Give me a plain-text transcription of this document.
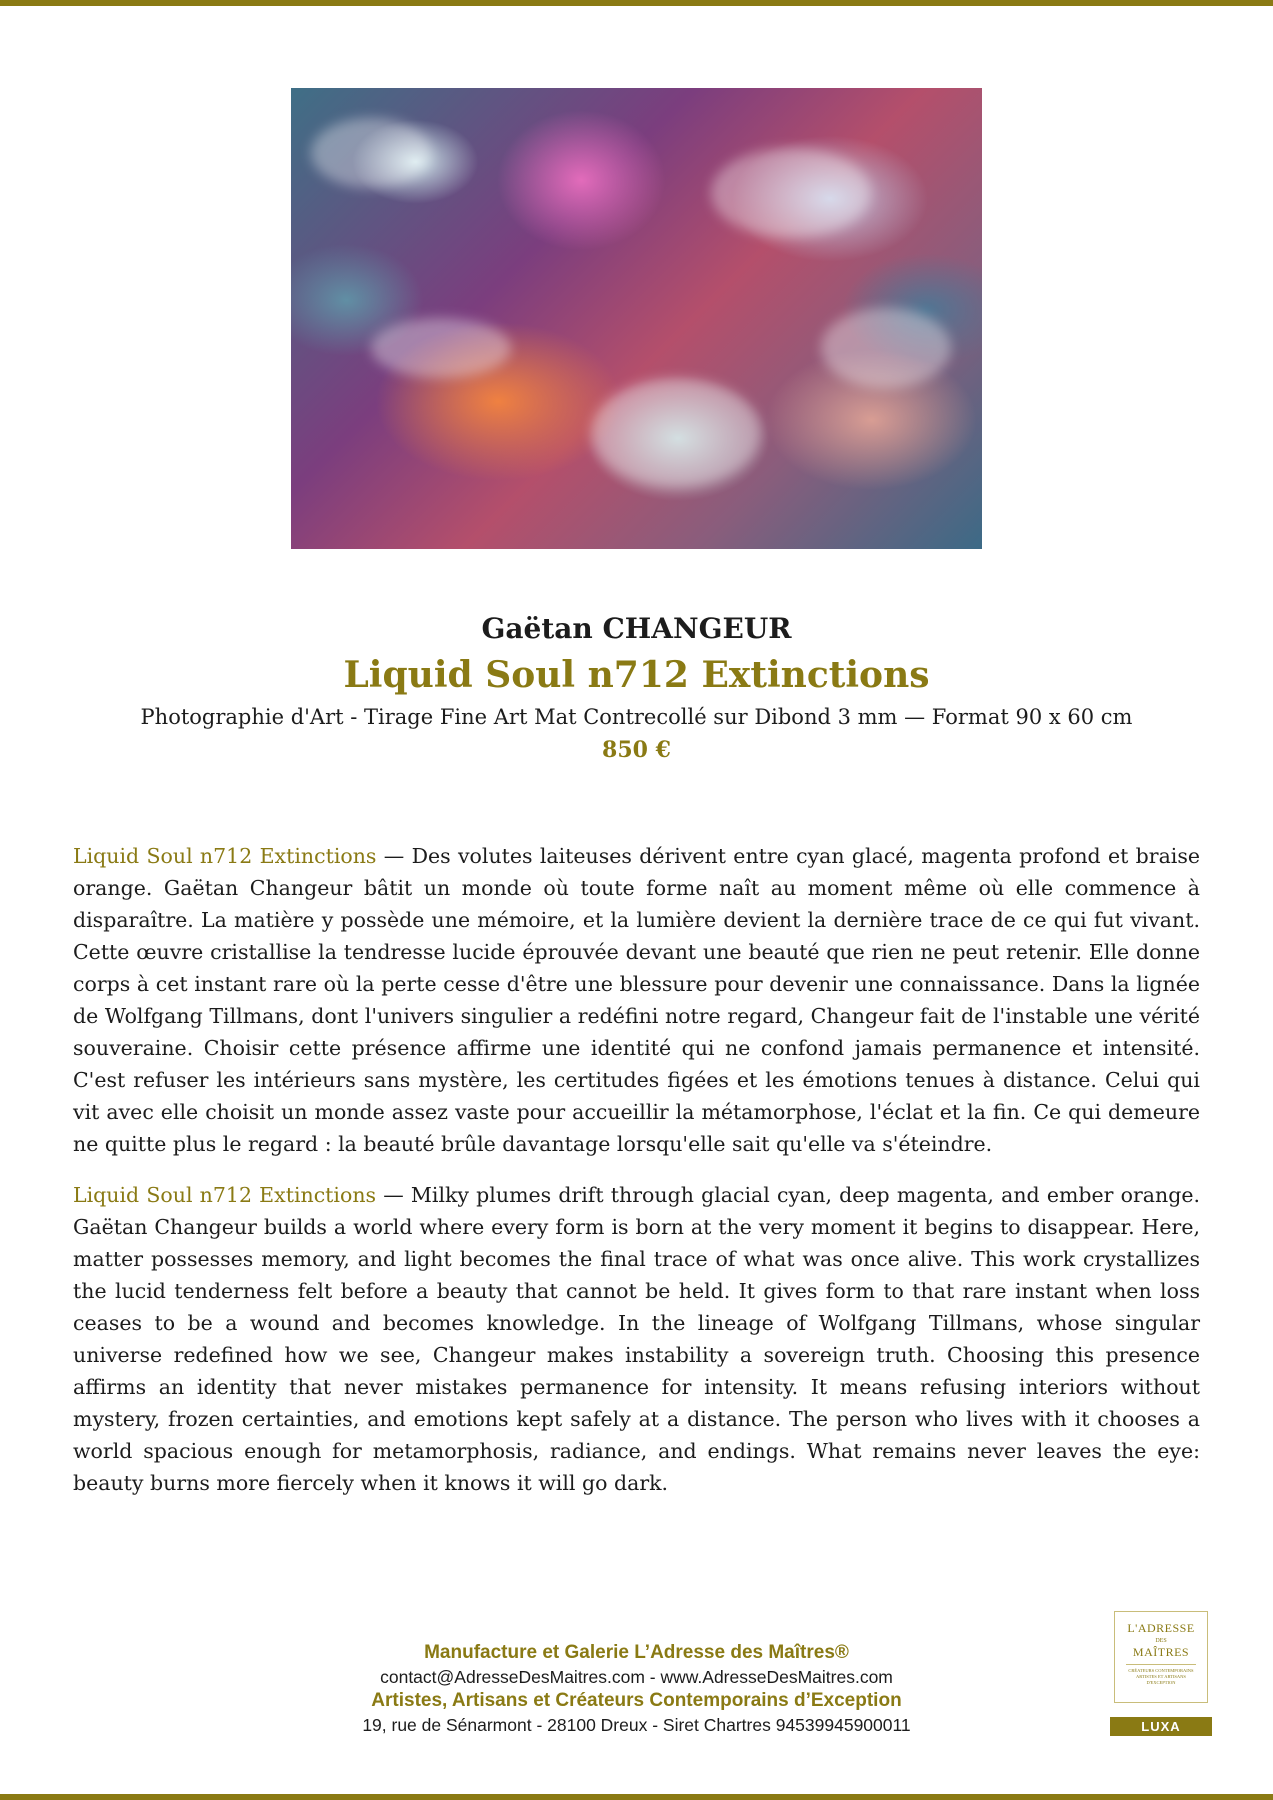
Gaëtan CHANGEUR
Liquid Soul n712 Extinctions
Photographie d'Art - Tirage Fine Art Mat Contrecollé sur Dibond 3 mm — Format 90 x 60 cm
850 €

Liquid Soul n712 Extinctions — Des volutes laiteuses dérivent entre cyan glacé, magenta profond et braise orange. Gaëtan Changeur bâtit un monde où toute forme naît au moment même où elle commence à disparaître. La matière y possède une mémoire, et la lumière devient la dernière trace de ce qui fut vivant. Cette œuvre cristallise la tendresse lucide éprouvée devant une beauté que rien ne peut retenir. Elle donne corps à cet instant rare où la perte cesse d'être une blessure pour devenir une connaissance. Dans la lignée de Wolfgang Tillmans, dont l'univers singulier a redéfini notre regard, Changeur fait de l'instable une vérité souveraine. Choisir cette présence affirme une identité qui ne confond jamais permanence et intensité. C'est refuser les intérieurs sans mystère, les certitudes figées et les émotions tenues à distance. Celui qui vit avec elle choisit un monde assez vaste pour accueillir la métamorphose, l'éclat et la fin. Ce qui demeure ne quitte plus le regard : la beauté brûle davantage lorsqu'elle sait qu'elle va s'éteindre.

Liquid Soul n712 Extinctions — Milky plumes drift through glacial cyan, deep magenta, and ember orange. Gaëtan Changeur builds a world where every form is born at the very moment it begins to disappear. Here, matter possesses memory, and light becomes the final trace of what was once alive. This work crystallizes the lucid tenderness felt before a beauty that cannot be held. It gives form to that rare instant when loss ceases to be a wound and becomes knowledge. In the lineage of Wolfgang Tillmans, whose singular universe redefined how we see, Changeur makes instability a sovereign truth. Choosing this presence affirms an identity that never mistakes permanence for intensity. It means refusing interiors without mystery, frozen certainties, and emotions kept safely at a distance. The person who lives with it chooses a world spacious enough for metamorphosis, radiance, and endings. What remains never leaves the eye: beauty burns more fiercely when it knows it will go dark.

Manufacture et Galerie L’Adresse des Maîtres®
contact@AdresseDesMaitres.com - www.AdresseDesMaitres.com
Artistes, Artisans et Créateurs Contemporains d’Exception
19, rue de Sénarmont - 28100 Dreux - Siret Chartres 94539945900011
L'ADRESSE
DES
MAÎTRES
CRÉATEURS CONTEMPORAINS ARTISTES ET ARTISANS D'EXCEPTION
LUXA
